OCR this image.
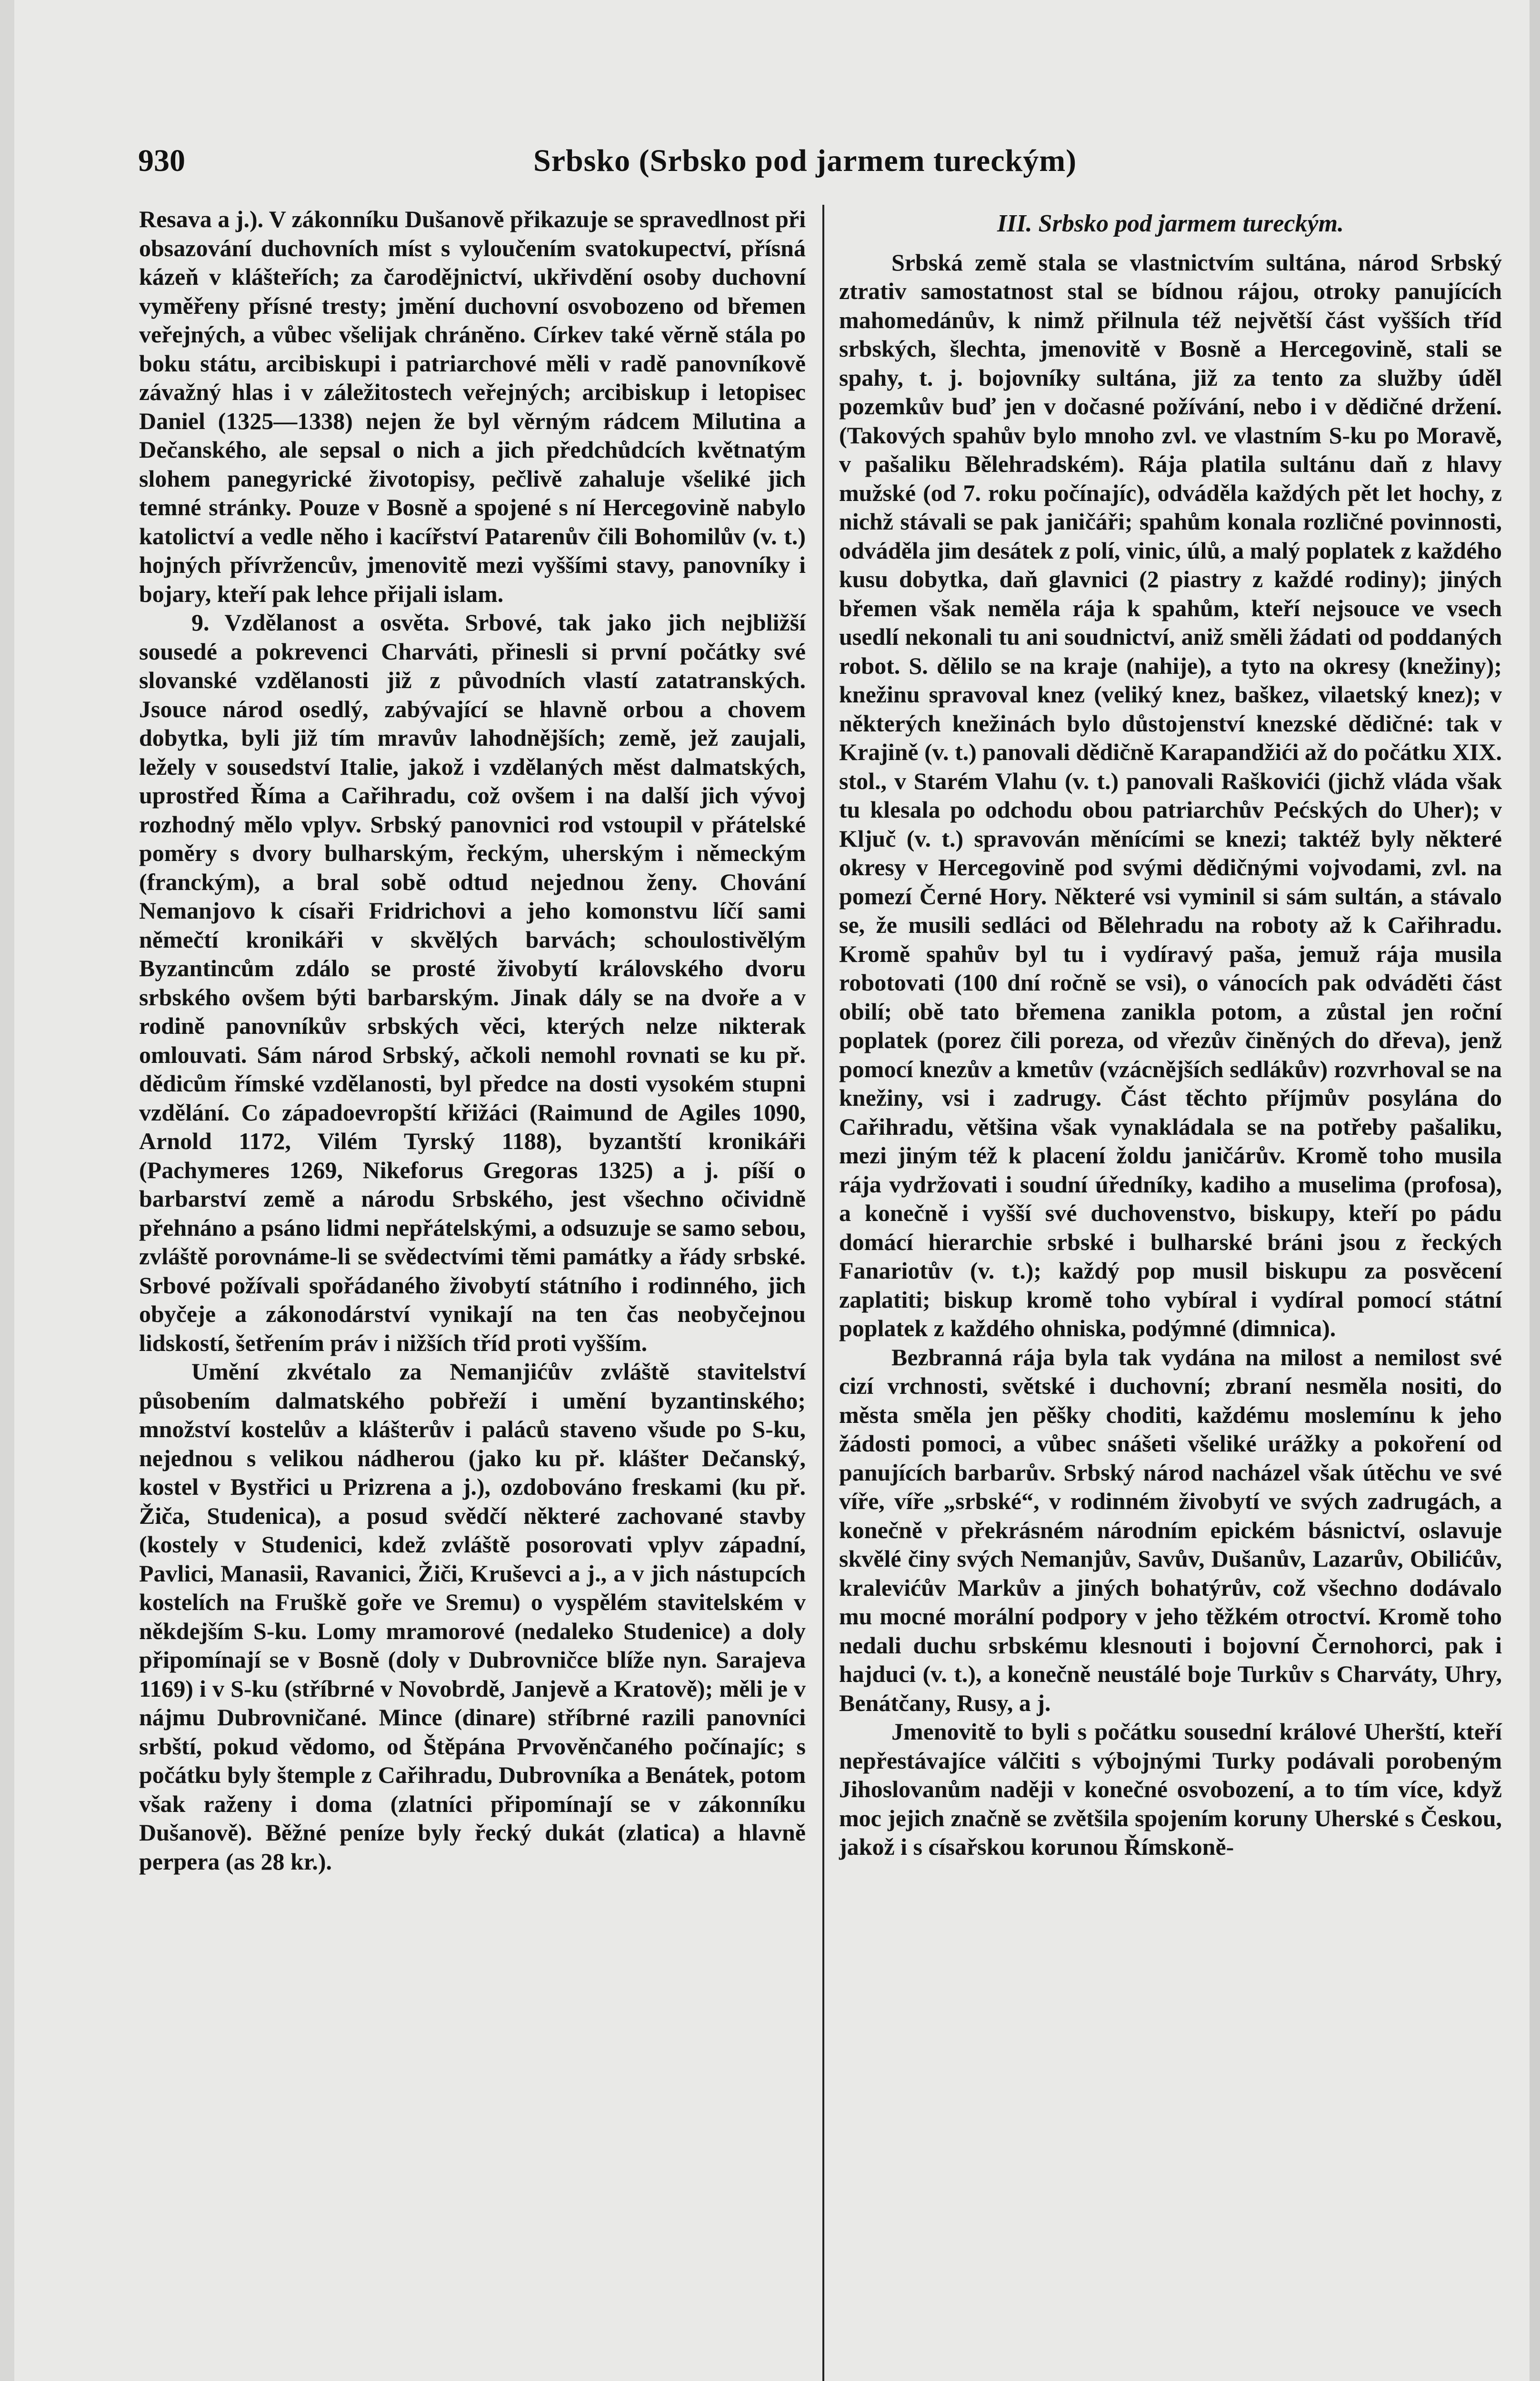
930	Srbsko (Srbsko pod jarmem tureckým)

Resava a j.). V zákonníku Dušanově přikazuje se spravedlnost při obsazování duchovních míst s vyloučením svatokupectví, přísná kázeň v klášteřích; za čarodějnictví, ukřivdění osoby duchovní vyměřeny přísné tresty; jmění duchovní osvobozeno od břemen veřejných, a vůbec všelijak chráněno. Církev také věrně stála po boku státu, arcibiskupi i patriarchové měli v radě panovníkově závažný hlas i v záležitostech veřejných; arcibiskup i letopisec Daniel (1325—1338) nejen že byl věrným rádcem Milutina a Dečanského, ale sepsal o nich a jich předchůdcích květnatým slohem panegyrické životopisy, pečlivě zahaluje všeliké jich temné stránky. Pouze v Bosně a spojené s ní Hercegovině nabylo katolictví a vedle něho i kacířství Patarenův čili Bohomilův (v. t.) hojných přívržencův, jmenovitě mezi vyššími stavy, panovníky i bojary, kteří pak lehce přijali islam.

9. Vzdělanost a osvěta. Srbové, tak jako jich nejbližší sousedé a pokrevenci Charváti, přinesli si první počátky své slovanské vzdělanosti již z původních vlastí zatatranských. Jsouce národ osedlý, zabývající se hlavně orbou a chovem dobytka, byli již tím mravův lahodnějších; země, jež zaujali, ležely v sousedství Italie, jakož i vzdělaných měst dalmatských, uprostřed Říma a Cařihradu, což ovšem i na další jich vývoj rozhodný mělo vplyv. Srbský panovnici rod vstoupil v přátelské poměry s dvory bulharským, řeckým, uherským i německým (franckým), a bral sobě odtud nejednou ženy. Chování Nemanjovo k císaři Fridrichovi a jeho komonstvu líčí sami němečtí kronikáři v skvělých barvách; schoulostivělým Byzantincům zdálo se prosté živobytí královského dvoru srbského ovšem býti barbarským. Jinak dály se na dvoře a v rodině panovníkův srbských věci, kterých nelze nikterak omlouvati. Sám národ Srbský, ačkoli nemohl rovnati se ku př. dědicům římské vzdělanosti, byl předce na dosti vysokém stupni vzdělání. Co západoevropští křižáci (Raimund de Agiles 1090, Arnold 1172, Vilém Tyrský 1188), byzantští kronikáři (Pachymeres 1269, Nikeforus Gregoras 1325) a j. píší o barbarství země a národu Srbského, jest všechno očividně přehnáno a psáno lidmi nepřátelskými, a odsuzuje se samo sebou, zvláště porovnáme-li se svědectvími těmi památky a řády srbské. Srbové požívali spořádaného živobytí státního i rodinného, jich obyčeje a zákonodárství vynikají na ten čas neobyčejnou lidskostí, šetřením práv i nižších tříd proti vyšším.

Umění zkvétalo za Nemanjićův zvláště stavitelství působením dalmatského pobřeží i umění byzantinského; množství kostelův a klášterův i paláců staveno všude po S-ku, nejednou s velikou nádherou (jako ku př. klášter Dečanský, kostel v Bystřici u Prizrena a j.), ozdobováno freskami (ku př. Žiča, Studenica), a posud svědčí některé zachované stavby (kostely v Studenici, kdež zvláště posorovati vplyv západní, Pavlici, Manasii, Ravanici, Žiči, Kruševci a j., a v jich nástupcích kostelích na Fruškě goře ve Sremu) o vyspělém stavitelském v někdejším S-ku. Lomy mramorové (nedaleko Studenice) a doly připomínají se v Bosně (doly v Dubrovničce blíže nyn. Sarajeva 1169) i v S-ku (stříbrné v Novobrdě, Janjevě a Kratově); měli je v nájmu Dubrovničané. Mince (dinare) stříbrné razili panovníci srbští, pokud vědomo, od Štěpána Prvověnčaného počínajíc; s počátku byly štemple z Cařihradu, Dubrovníka a Benátek, potom však raženy i doma (zlatníci připomínají se v zákonníku Dušanově). Běžné peníze byly řecký dukát (zlatica) a hlavně perpera (as 28 kr.).

III. Srbsko pod jarmem tureckým.

Srbská země stala se vlastnictvím sultána, národ Srbský ztrativ samostatnost stal se bídnou rájou, otroky panujících mahomedánův, k nimž přilnula též největší část vyšších tříd srbských, šlechta, jmenovitě v Bosně a Hercegovině, stali se spahy, t. j. bojovníky sultána, již za tento za služby úděl pozemkův buď jen v dočasné požívání, nebo i v dědičné držení. (Takových spahův bylo mnoho zvl. ve vlastním S-ku po Moravě, v pašaliku Bělehradském). Rája platila sultánu daň z hlavy mužské (od 7. roku počínajíc), odváděla každých pět let hochy, z nichž stávali se pak janičáři; spahům konala rozličné povinnosti, odváděla jim desátek z polí, vinic, úlů, a malý poplatek z každého kusu dobytka, daň glavnici (2 piastry z každé rodiny); jiných břemen však neměla rája k spahům, kteří nejsouce ve vsech usedlí nekonali tu ani soudnictví, aniž směli žádati od poddaných robot. S. dělilo se na kraje (nahije), a tyto na okresy (knežiny); knežinu spravoval knez (veliký knez, baškez, vilaetský knez); v některých knežinách bylo důstojenství knezské dědičné: tak v Krajině (v. t.) panovali dědičně Karapandžići až do počátku XIX. stol., v Starém Vlahu (v. t.) panovali Raškovići (jichž vláda však tu klesala po odchodu obou patriarchův Pećských do Uher); v Ključ (v. t.) spravován měnícími se knezi; taktéž byly některé okresy v Hercegovině pod svými dědičnými vojvodami, zvl. na pomezí Černé Hory. Některé vsi vyminil si sám sultán, a stávalo se, že musili sedláci od Bělehradu na roboty až k Cařihradu. Kromě spahův byl tu i vydíravý paša, jemuž rája musila robotovati (100 dní ročně se vsi), o vánocích pak odváděti část obilí; obě tato břemena zanikla potom, a zůstal jen roční poplatek (porez čili poreza, od vřezův činěných do dřeva), jenž pomocí knezův a kmetův (vzácnějších sedlákův) rozvrhoval se na knežiny, vsi i zadrugy. Část těchto příjmův posylána do Cařihradu, většina však vynakládala se na potřeby pašaliku, mezi jiným též k placení žoldu janičárův. Kromě toho musila rája vydržovati i soudní úředníky, kadiho a muselima (profosa), a konečně i vyšší své duchovenstvo, biskupy, kteří po pádu domácí hierarchie srbské i bulharské bráni jsou z řeckých Fanariotův (v. t.); každý pop musil biskupu za posvěcení zaplatiti; biskup kromě toho vybíral i vydíral pomocí státní poplatek z každého ohniska, podýmné (dimnica).

Bezbranná rája byla tak vydána na milost a nemilost své cizí vrchnosti, světské i duchovní; zbraní nesměla nositi, do města směla jen pěšky choditi, každému moslemínu k jeho žádosti pomoci, a vůbec snášeti všeliké urážky a pokoření od panujících barbarův. Srbský národ nacházel však útěchu ve své víře, víře „srbské“, v rodinném živobytí ve svých zadrugách, a konečně v překrásném národním epickém básnictví, oslavuje skvělé činy svých Nemanjův, Savův, Dušanův, Lazarův, Obilićův, kralevićův Markův a jiných bohatýrův, což všechno dodávalo mu mocné morální podpory v jeho těžkém otroctví. Kromě toho nedali duchu srbskému klesnouti i bojovní Černohorci, pak i hajduci (v. t.), a konečně neustálé boje Turkův s Charváty, Uhry, Benátčany, Rusy, a j.

Jmenovitě to byli s počátku sousední králové Uherští, kteří nepřestávajíce válčiti s výbojnými Turky podávali porobeným Jihoslovanům naději v konečné osvobození, a to tím více, když moc jejich značně se zvětšila spojením koruny Uherské s Českou, jakož i s císařskou korunou Římskoně-
